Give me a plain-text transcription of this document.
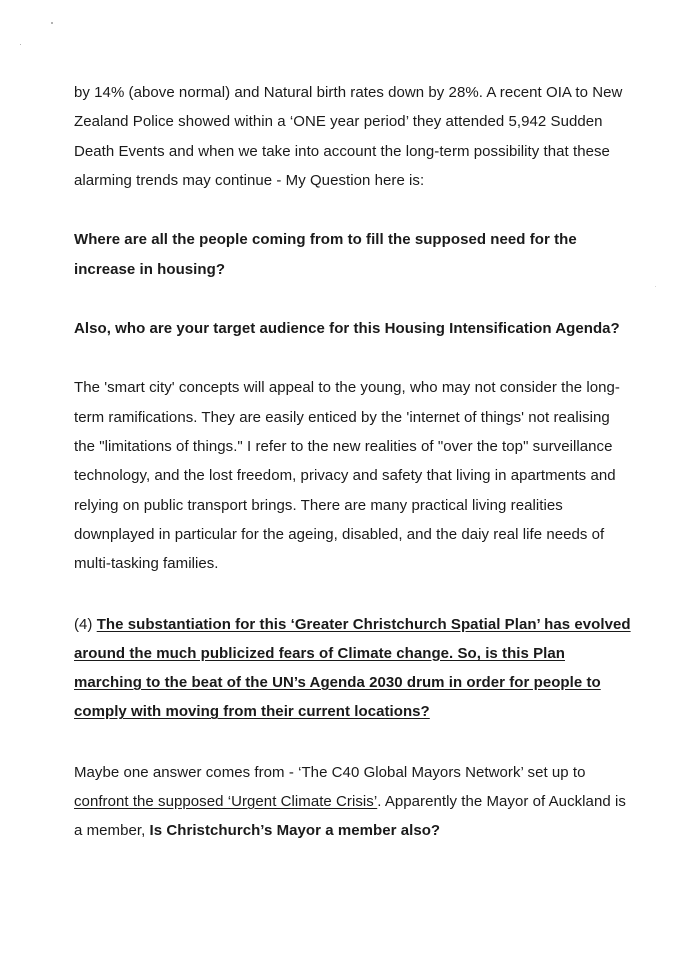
by 14% (above normal) and Natural birth rates down by 28%. A recent OIA to New Zealand Police showed within a ‘ONE year period’ they attended 5,942 Sudden Death Events and when we take into account the long-term possibility that these alarming trends may continue - My Question here is:

Where are all the people coming from to fill the supposed need for the increase in housing?

Also, who are your target audience for this Housing Intensification Agenda?

The 'smart city' concepts will appeal to the young, who may not consider the long-term ramifications. They are easily enticed by the 'internet of things' not realising the "limitations of things." I refer to the new realities of "over the top" surveillance technology, and the lost freedom, privacy and safety that living in apartments and relying on public transport brings. There are many practical living realities downplayed in particular for the ageing, disabled, and the daiy real life needs of multi-tasking families.

(4) The substantiation for this ‘Greater Christchurch Spatial Plan’ has evolved around the much publicized fears of Climate change. So, is this Plan marching to the beat of the UN’s Agenda 2030 drum in order for people to comply with moving from their current locations?

Maybe one answer comes from - ‘The C40 Global Mayors Network’ set up to confront the supposed ‘Urgent Climate Crisis’. Apparently the Mayor of Auckland is a member, Is Christchurch’s Mayor a member also?
